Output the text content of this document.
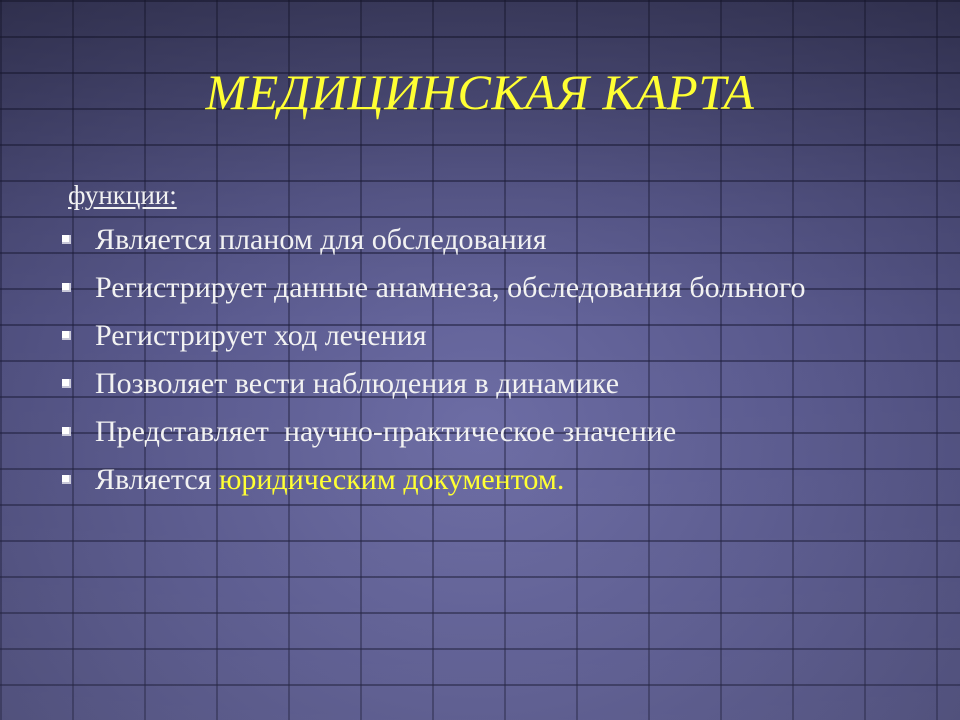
МЕДИЦИНСКАЯ КАРТА
функции:
Является планом для обследования
Регистрирует данные анамнеза, обследования больного
Регистрирует ход лечения
Позволяет вести наблюдения в динамике
Представляет  научно-практическое значение
Является юридическим документом.
